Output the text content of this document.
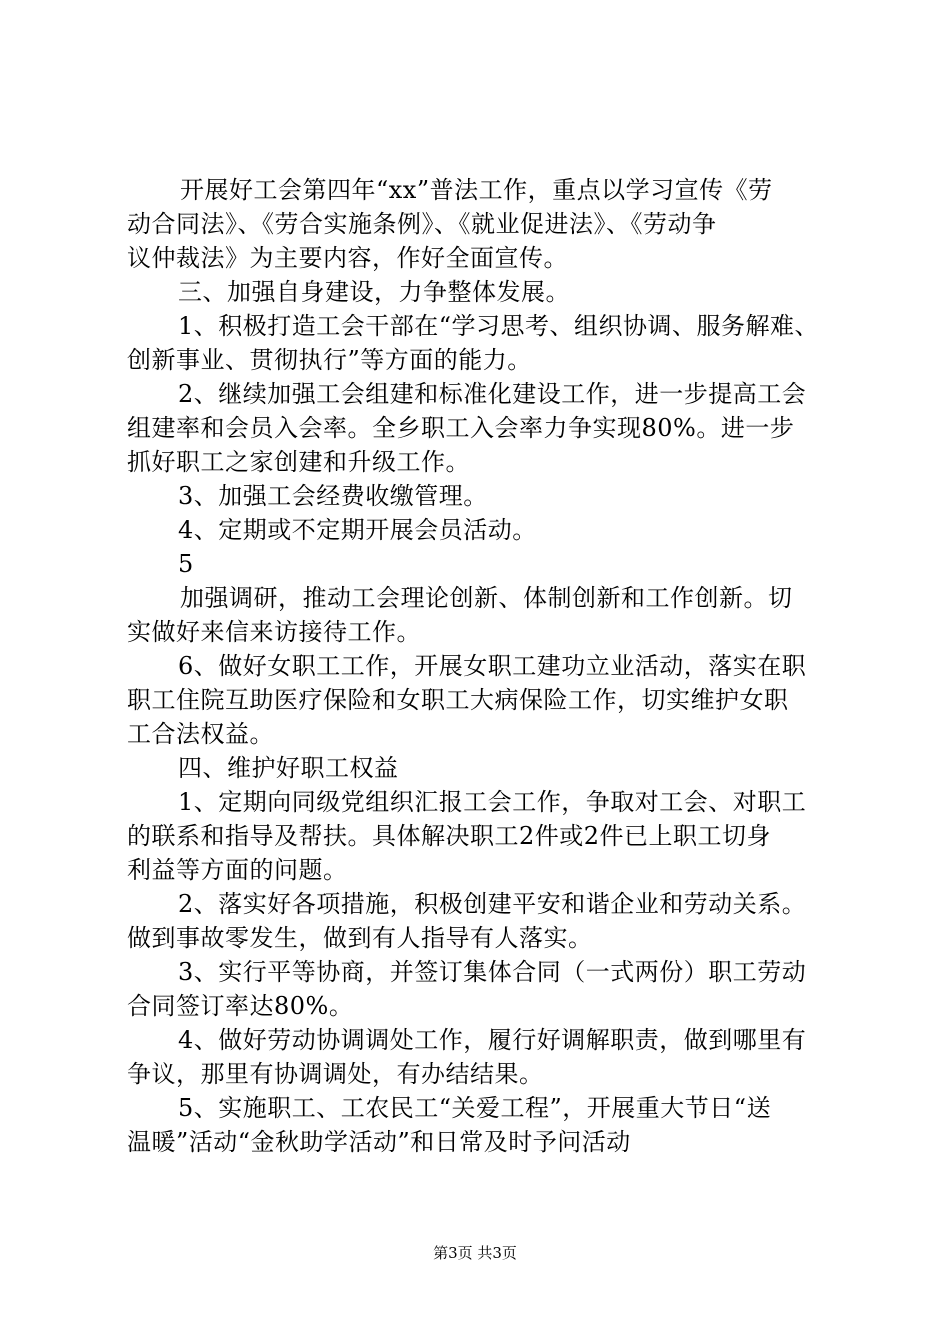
开展好工会第四年“xx”普法工作，重点以学习宣传《劳
动合同法》、《劳合实施条例》、《就业促进法》、《劳动争
议仲裁法》为主要内容，作好全面宣传。
三、加强自身建设，力争整体发展。
1、积极打造工会干部在“学习思考、组织协调、服务解难、
创新事业、贯彻执行”等方面的能力。
2、继续加强工会组建和标准化建设工作，进一步提高工会
组建率和会员入会率。全乡职工入会率力争实现80%。进一步
抓好职工之家创建和升级工作。
3、加强工会经费收缴管理。
4、定期或不定期开展会员活动。
5
加强调研，推动工会理论创新、体制创新和工作创新。切
实做好来信来访接待工作。
6、做好女职工工作，开展女职工建功立业活动，落实在职
职工住院互助医疗保险和女职工大病保险工作，切实维护女职
工合法权益。
四、维护好职工权益
1、定期向同级党组织汇报工会工作，争取对工会、对职工
的联系和指导及帮扶。具体解决职工2件或2件已上职工切身
利益等方面的问题。
2、落实好各项措施，积极创建平安和谐企业和劳动关系。
做到事故零发生，做到有人指导有人落实。
3、实行平等协商，并签订集体合同（一式两份）职工劳动
合同签订率达80%。
4、做好劳动协调调处工作，履行好调解职责，做到哪里有
争议，那里有协调调处，有办结结果。
5、实施职工、工农民工“关爱工程”，开展重大节日“送
温暖”活动“金秋助学活动”和日常及时予问活动
第3页 共3页
